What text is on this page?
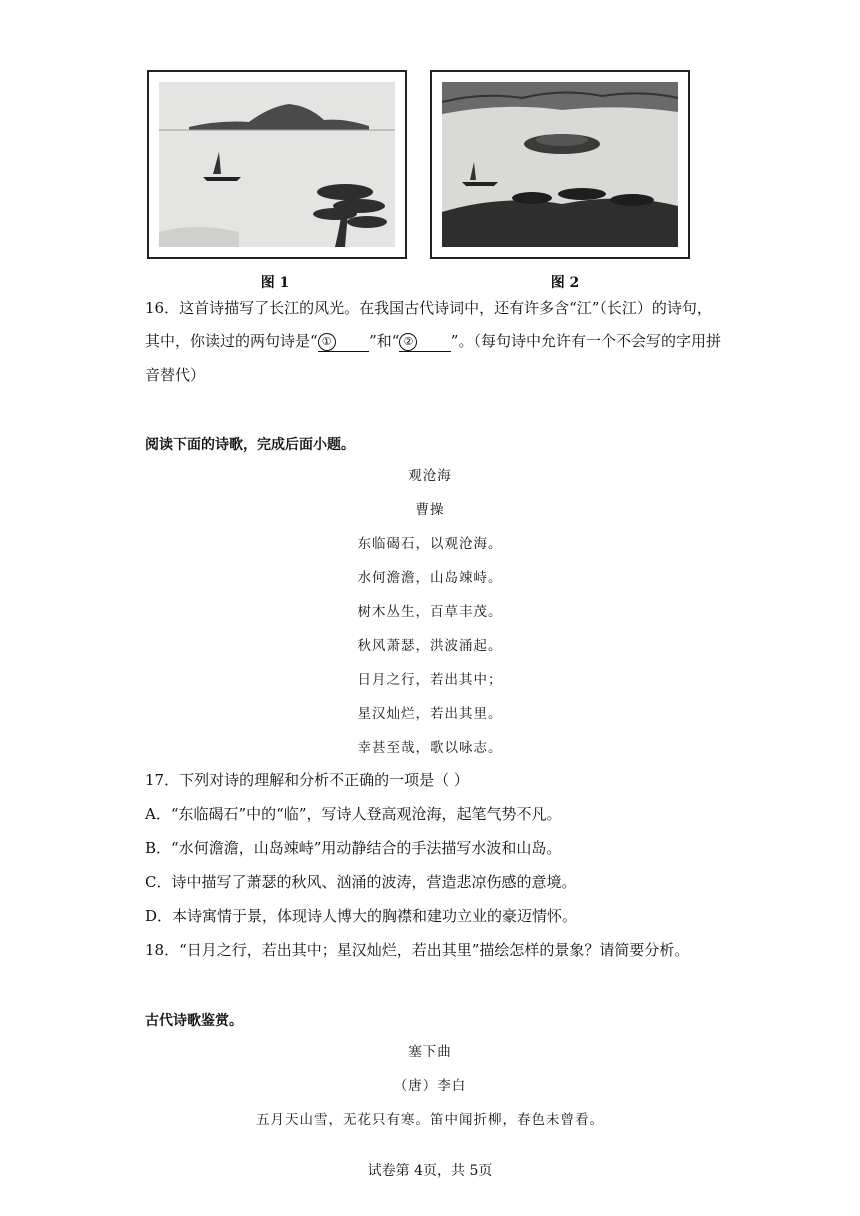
图 1	图 2
16．这首诗描写了长江的风光。在我国古代诗词中，还有许多含“江”（长江）的诗句，
其中，你读过的两句诗是“ ① ”和“ ② ”。（每句诗中允许有一个不会写的字用拼
音替代）
阅读下面的诗歌，完成后面小题。
观沧海
曹操
东临碣石，以观沧海。
水何澹澹，山岛竦峙。
树木丛生，百草丰茂。
秋风萧瑟，洪波涌起。
日月之行，若出其中；
星汉灿烂，若出其里。
幸甚至哉，歌以咏志。
17．下列对诗的理解和分析不正确的一项是（ ）
A．“东临碣石”中的“临”，写诗人登高观沧海，起笔气势不凡。
B．“水何澹澹，山岛竦峙”用动静结合的手法描写水波和山岛。
C．诗中描写了萧瑟的秋风、汹涌的波涛，营造悲凉伤感的意境。
D．本诗寓情于景，体现诗人博大的胸襟和建功立业的豪迈情怀。
18．“日月之行，若出其中；星汉灿烂，若出其里”描绘怎样的景象？请简要分析。
古代诗歌鉴赏。
塞下曲
（唐）李白
五月天山雪，无花只有寒。笛中闻折柳，春色未曾看。
试卷第 4页，共 5页
